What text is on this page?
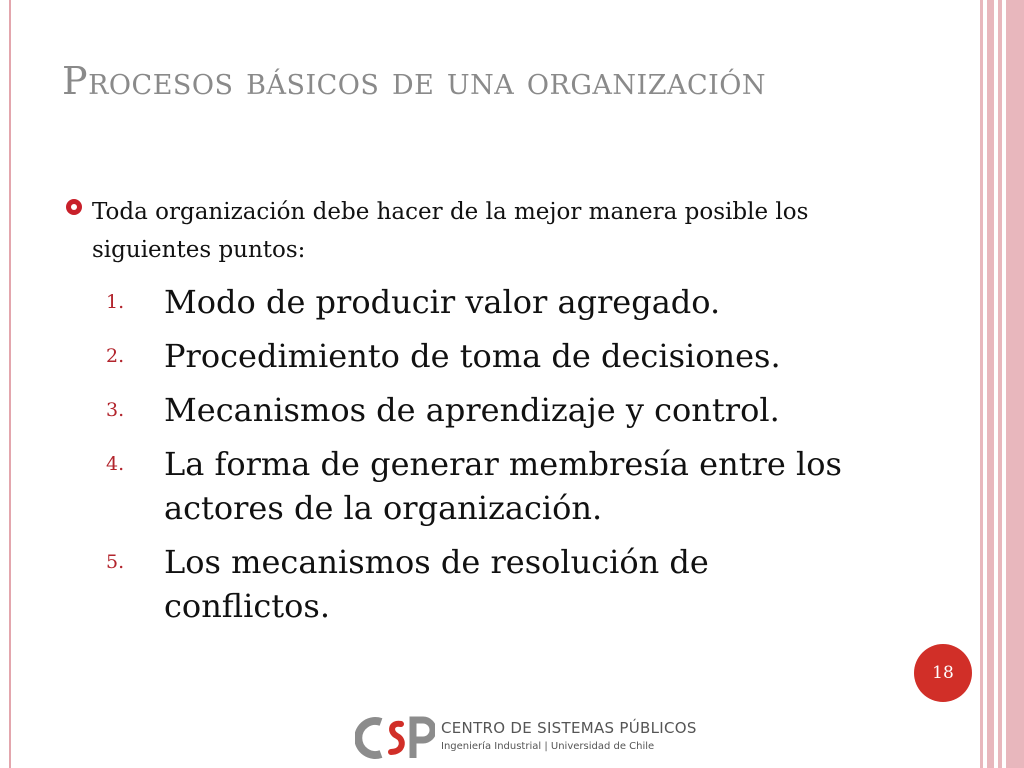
Procesos básicos de una organización
Toda organización debe hacer de la mejor manera posible los siguientes puntos:
1.	Modo de producir valor agregado.
2.	Procedimiento de toma de decisiones.
3.	Mecanismos de aprendizaje y control.
4.	La forma de generar membresía entre los actores de la organización.
5.	Los mecanismos de resolución de conflictos.
18
CENTRO DE SISTEMAS PÚBLICOS
Ingeniería Industrial | Universidad de Chile
